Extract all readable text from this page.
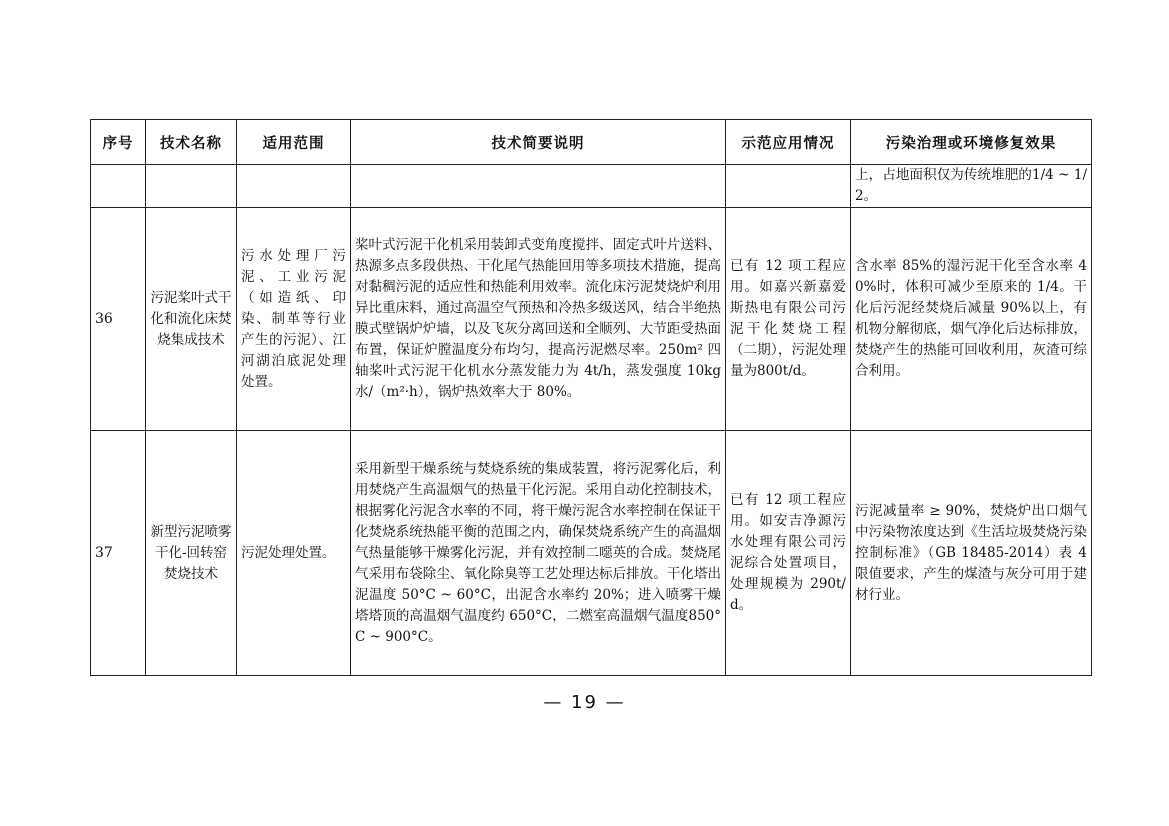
序号	技术名称	适用范围	技术简要说明	示范应用情况	污染治理或环境修复效果

					上，占地面积仅为传统堆肥的1/4 ~ 1/2。

36	污泥桨叶式干化和流化床焚烧集成技术	污水处理厂污泥、工业污泥（如造纸、印染、制革等行业产生的污泥）、江河湖泊底泥处理处置。	桨叶式污泥干化机采用装卸式变角度搅拌、固定式叶片送料、热源多点多段供热、干化尾气热能回用等多项技术措施，提高对黏稠污泥的适应性和热能利用效率。流化床污泥焚烧炉利用异比重床料，通过高温空气预热和冷热多级送风，结合半绝热膜式壁锅炉炉墙，以及飞灰分离回送和全顺列、大节距受热面布置，保证炉膛温度分布均匀，提高污泥燃尽率。250m² 四轴桨叶式污泥干化机水分蒸发能力为 4t/h，蒸发强度 10kg 水/（m²·h），锅炉热效率大于 80%。	已有 12 项工程应用。如嘉兴新嘉爱斯热电有限公司污泥干化焚烧工程（二期），污泥处理量为800t/d。	含水率 85%的湿污泥干化至含水率 40%时，体积可减少至原来的 1/4。干化后污泥经焚烧后减量 90%以上，有机物分解彻底，烟气净化后达标排放，焚烧产生的热能可回收利用，灰渣可综合利用。

37	新型污泥喷雾干化-回转窑焚烧技术	污泥处理处置。	采用新型干燥系统与焚烧系统的集成装置，将污泥雾化后，利用焚烧产生高温烟气的热量干化污泥。采用自动化控制技术，根据雾化污泥含水率的不同，将干燥污泥含水率控制在保证干化焚烧系统热能平衡的范围之内，确保焚烧系统产生的高温烟气热量能够干燥雾化污泥，并有效控制二噁英的合成。焚烧尾气采用布袋除尘、氧化除臭等工艺处理达标后排放。干化塔出泥温度 50°C ~ 60°C，出泥含水率约 20%；进入喷雾干燥塔塔顶的高温烟气温度约 650°C，二燃室高温烟气温度850°C ~ 900°C。	已有 12 项工程应用。如安吉净源污水处理有限公司污泥综合处置项目，处理规模为 290t/d。	污泥减量率 ≥ 90%，焚烧炉出口烟气中污染物浓度达到《生活垃圾焚烧污染控制标准》（GB 18485-2014）表 4 限值要求，产生的煤渣与灰分可用于建材行业。
— 19 —
